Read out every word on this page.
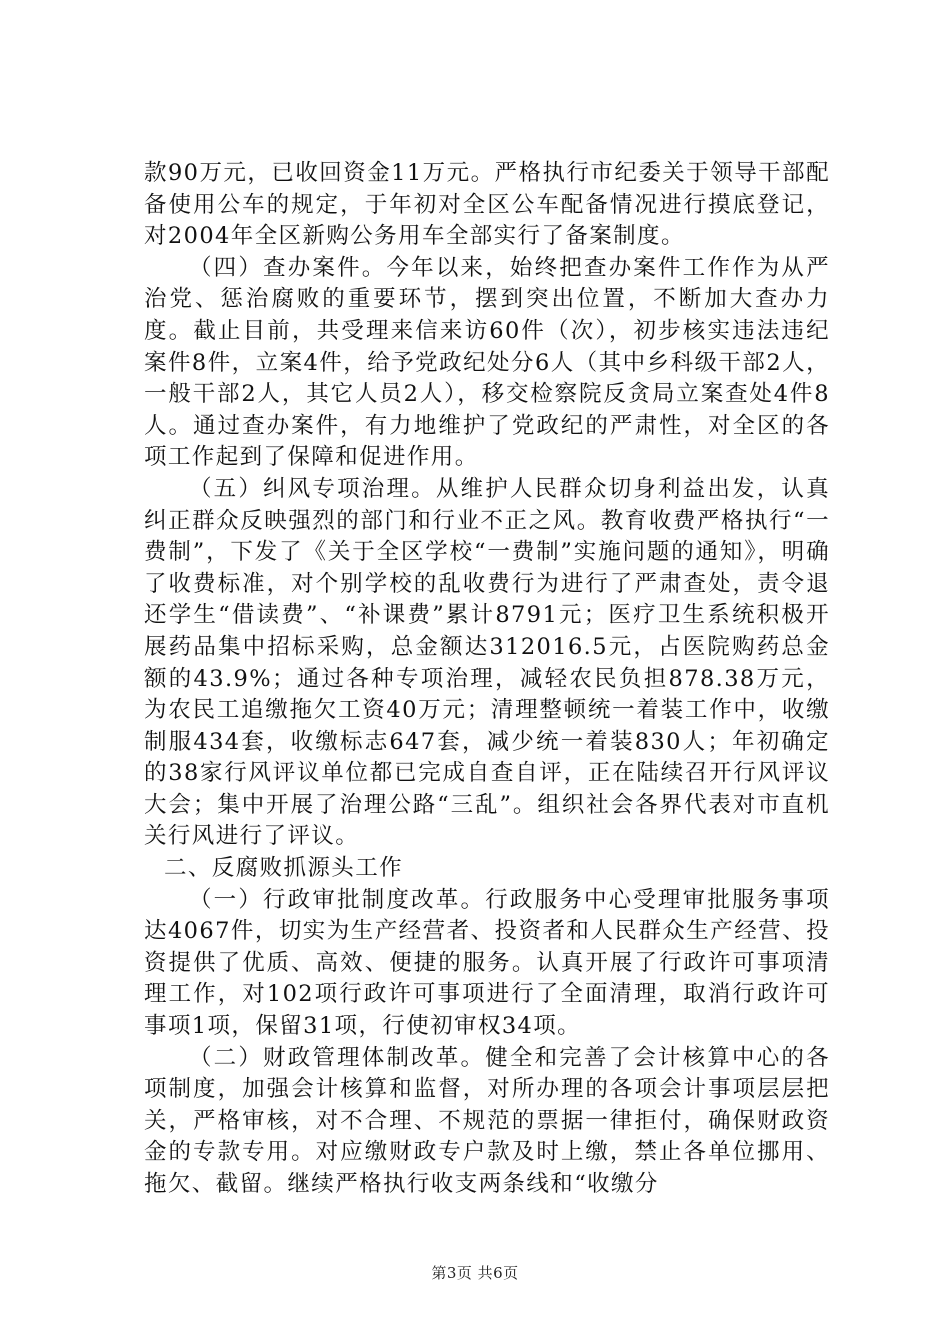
款90万元，已收回资金11万元。严格执行市纪委关于领导干部配备使用公车的规定，于年初对全区公车配备情况进行摸底登记，对2004年全区新购公务用车全部实行了备案制度。

（四）查办案件。今年以来，始终把查办案件工作作为从严治党、惩治腐败的重要环节，摆到突出位置，不断加大查办力度。截止目前，共受理来信来访60件（次），初步核实违法违纪案件8件，立案4件，给予党政纪处分6人（其中乡科级干部2人，一般干部2人，其它人员2人），移交检察院反贪局立案查处4件8人。通过查办案件，有力地维护了党政纪的严肃性，对全区的各项工作起到了保障和促进作用。

（五）纠风专项治理。从维护人民群众切身利益出发，认真纠正群众反映强烈的部门和行业不正之风。教育收费严格执行“一费制”，下发了《关于全区学校“一费制”实施问题的通知》，明确了收费标准，对个别学校的乱收费行为进行了严肃查处，责令退还学生“借读费”、“补课费”累计8791元；医疗卫生系统积极开展药品集中招标采购，总金额达312016.5元，占医院购药总金额的43.9%；通过各种专项治理，减轻农民负担878.38万元，为农民工追缴拖欠工资40万元；清理整顿统一着装工作中，收缴制服434套，收缴标志647套，减少统一着装830人；年初确定的38家行风评议单位都已完成自查自评，正在陆续召开行风评议大会；集中开展了治理公路“三乱”。组织社会各界代表对市直机关行风进行了评议。

二、反腐败抓源头工作

（一）行政审批制度改革。行政服务中心受理审批服务事项达4067件，切实为生产经营者、投资者和人民群众生产经营、投资提供了优质、高效、便捷的服务。认真开展了行政许可事项清理工作，对102项行政许可事项进行了全面清理，取消行政许可事项1项，保留31项，行使初审权34项。

（二）财政管理体制改革。健全和完善了会计核算中心的各项制度，加强会计核算和监督，对所办理的各项会计事项层层把关，严格审核，对不合理、不规范的票据一律拒付，确保财政资金的专款专用。对应缴财政专户款及时上缴，禁止各单位挪用、拖欠、截留。继续严格执行收支两条线和“收缴分

第3页 共6页
